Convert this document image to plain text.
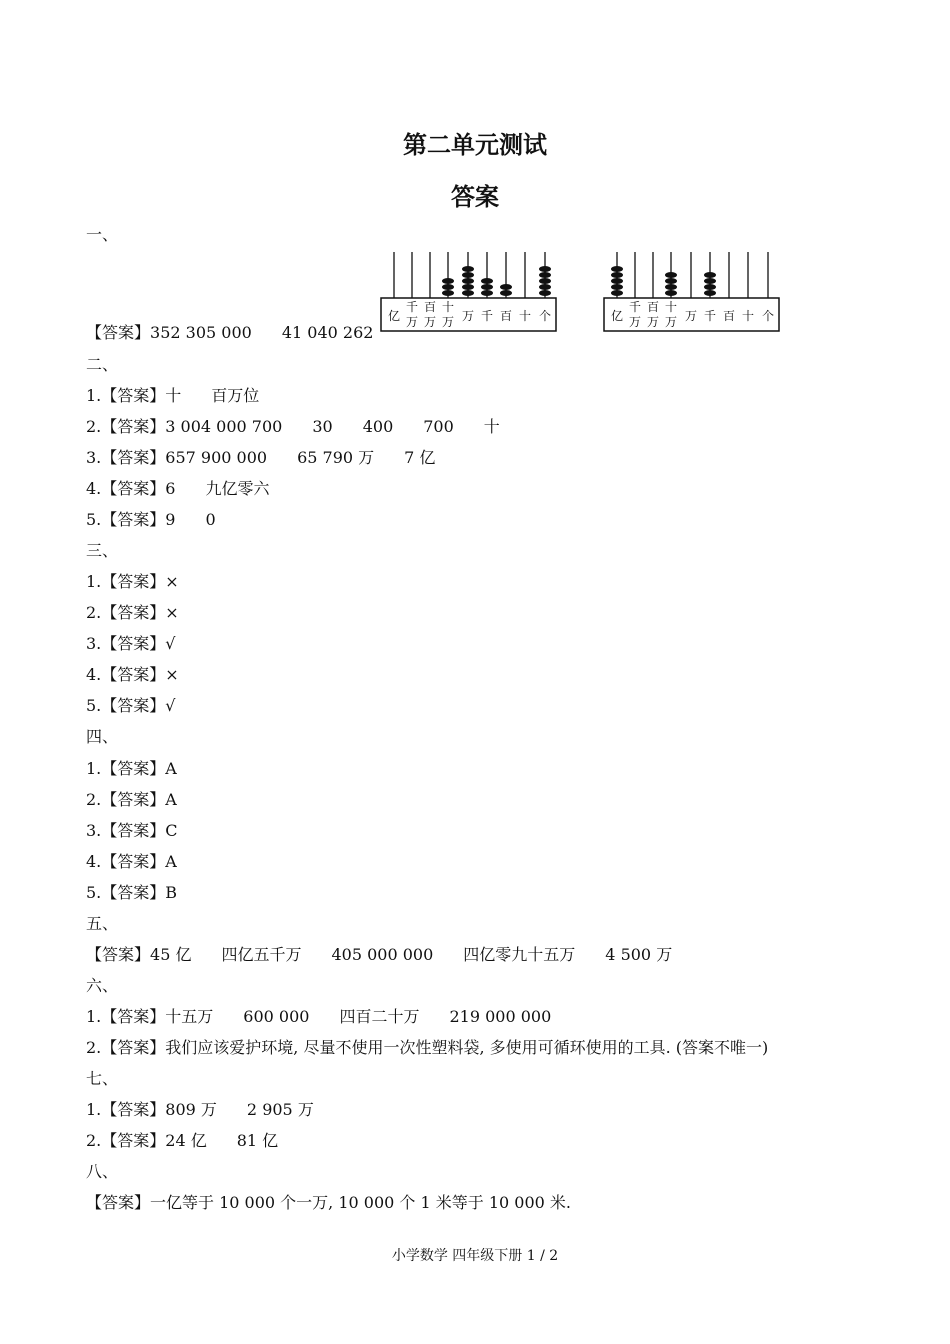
第二单元测试
答案
一、
亿
千
万
百
万
十
万 万 千 百 十 个	亿
千
万
百
万
十
万 万 千 百 十 个
【答案】352 305 000 41 040 262
二、
1.【答案】十 百万位
2.【答案】3 004 000 700 30 400 700 十
3.【答案】657 900 000 65 790 万 7 亿
4.【答案】6 九亿零六
5.【答案】9 0
三、
1.【答案】×
2.【答案】×
3.【答案】√
4.【答案】×
5.【答案】√
四、
1.【答案】A
2.【答案】A
3.【答案】C
4.【答案】A
5.【答案】B
五、
【答案】45 亿 四亿五千万 405 000 000 四亿零九十五万 4 500 万
六、
1.【答案】十五万 600 000 四百二十万 219 000 000
2.【答案】我们应该爱护环境, 尽量不使用一次性塑料袋, 多使用可循环使用的工具. (答案不唯一)
七、
1.【答案】809 万 2 905 万
2.【答案】24 亿 81 亿
八、
【答案】一亿等于 10 000 个一万, 10 000 个 1 米等于 10 000 米.
小学数学 四年级下册 1 / 2
